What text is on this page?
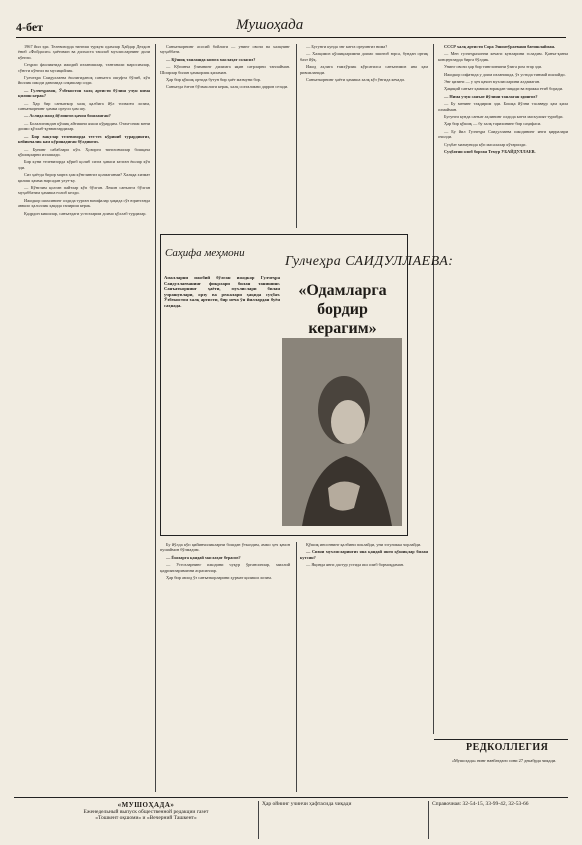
4-бет	Мушоҳада

1967 йил эди. Телевизорда тингиш туркум одамлар Ҳайдар Деҳқон ёниб «Фойдасиз» ҳаётимиз ва дилхаста ташлаб мухлисларнинг дили кўнгли.

Сеҳрли фаолиятида ижодий изланишлар, тантанали маросимлар, сўнгги кўнгил ва мусиқийлик.

Гулчеҳра Саидуллаева ёшлигиданоқ санъатга ошуфта бўлиб, кўп йиллик ижоди давомида олқишлар олди.

— Гулчеҳрахон, Ўзбекистон халқ артисти бўлиш учун нима қилиш керак?

— Ҳар бир санъаткор халқ қалбига йўл топмоғи лозим, санъаткорнинг ҳамма орзуси ҳам шу.

— Аслида ижод йўлингиз қачон бошланган?

— Болалигимдан қўшиқ айтишни яхши кўрардим. Отам-онам мени доимо қўллаб-қувватлардилар.

— Бир вақтлар телевизорда тез-тез кўриниб турардингиз, кейинчалик кам кўринадиган бўлдингиз.

— Бунинг сабаблари кўп. Ҳозирги тингловчилар бошқача қўшиқларни излашади.

Бир куни телевизорда кўриб қолиб сизга ҳаваси келган ёшлар кўп эди.

Сиз ҳаётда бирор марта ҳам кўнглингиз қолмаганми? Халққа хизмат қилиш ҳамма нарсадан улуғ-ку.

— Кўнглим қолган пайтлар кўп бўлган. Лекин санъатга бўлган муҳаббатим ҳамиша ғолиб келди.

Ижодкор шахсининг олдида турган вазифалар ҳақида сўз юритганда аввало ҳалоллик ҳақида гапириш керак.

Қадрдон кишилар, санъатдаги устозларим доимо қўллаб турдилар.

Санъаткорнинг асосий бойлиги — унинг овози ва халқнинг муҳаббати.

— Қўшиқ танлашда кимга маслаҳат соласиз?

— Кўпинча ўзимнинг дилимга яқин сатрларни танлайман. Шоирлар билан ҳамкорлик қиламан.

Ҳар бир қўшиқ ортида бутун бир ҳаёт мазмуни бор.

Санъатда ёлғон бўлмаслиги керак, халқ сохталикни дарров сезади.

— Бугунги кунда энг катта орзуингиз нима?

— Халқимиз қўшиқларимни доимо эшитиб юрса, бундан ортиқ бахт йўқ.

Ижод аҳлига ғамхўрлик кўрсатилса санъатимиз яна ҳам ривожланади.

Санъаткорнинг ҳаёти ҳамиша халқ кўз ўнгида кечади.

Саҳифа меҳмони
Гулчеҳра САИДУЛЛАЕВА:
«Одамларга бордир керагим»
Амалларни ижобий бўлган ижодкор Гулчеҳра Саидуллаеванинг фикрлари билан танишинг. Санъаткорнинг ҳаёти, мухлислари билан учрашувлари, орзу ва режалари ҳақида суҳбат. Ўзбекистон халқ артисти, бир неча ўн йиллардан буён саҳнада.

Бу йўлда кўп қийинчиликларни бошдан ўтказдим, аммо ҳеч қачон пушаймон бўлмадим.

— Ёшларга қандай маслаҳат берасиз?

— Устозларнинг ижодини чуқур ўргансинлар, миллий қадриятларимизни асрасинлар.

Ҳар бир авлод ўз санъаткорларини ҳурмат қилиши лозим.

Қўшиқ инсоннинг қалбини поклайди, уни эзгуликка чорлайди.

— Сизни мухлисларингиз яна қандай янги қўшиқлар билан кутсин?

— Яқинда янги дастур устида иш олиб бормоқдаман.

СССР халқ артисти Сора Эшонтўраевани бағишлайман.

— Мен гулчеҳрахонни кечаги кунларини эсладим. Қанча-қанча концертларда бирга бўлдик.

Унинг овози ҳар бир тингловчини ўзига ром этар эди.

Ижодкор сифатида у доим изланишда, ўз устида тинмай ишлайди.

Энг қизиғи — у ҳеч қачон мухлисларини алдамаган.

Ҳақиқий санъат ҳамиша юракдан чиқади ва юракка етиб боради.

— Нима учун санъат йўлини танлаган эдингиз?

— Бу менинг тақдирим эди. Бошқа йўлни тасаввур ҳам қила олмайман.

Бугунги кунда санъат аҳлининг олдида катта масъулият турибди.

Ҳар бир қўшиқ — бу халқ тарихининг бир саҳифаси.

— Бу йил Гулчеҳра Саидуллаева ижодининг янги қирралари очилди.

Суҳбат мазмунида кўп масалалар кўтарилди.

Суҳбатни олиб борган Темур УБАЙДУЛЛАЕВ.

РЕДКОЛЛЕГИЯ
«Мушоҳада» нинг навбатдаги сони 27 декабрда чиқади.
«МУШОҲАДА»
Еженедельный выпуск общественной редакции газет
«Тошкент оқшоми» и «Вечерний Ташкент»
Ҳар ойнинг учинчи ҳафтасида чиқади	Справочная: 32-54-15, 33-99-42, 32-53-66
